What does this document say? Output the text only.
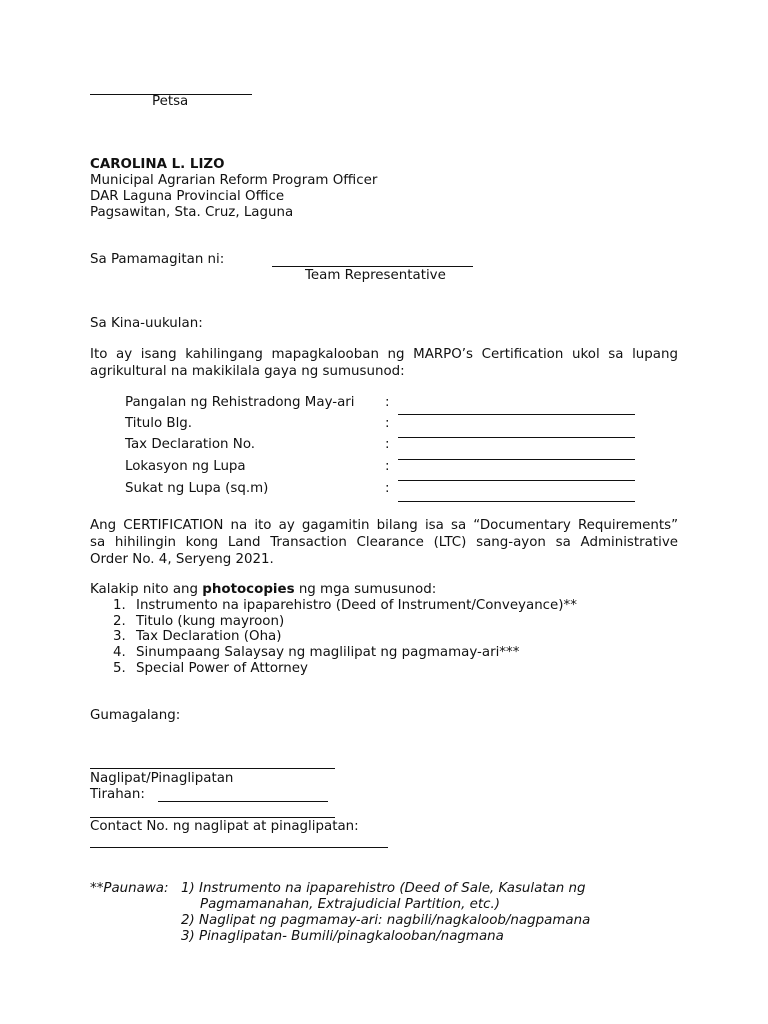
Petsa
CAROLINA L. LIZO
Municipal Agrarian Reform Program Officer
DAR Laguna Provincial Office
Pagsawitan, Sta. Cruz, Laguna
Sa Pamamagitan ni:
Team Representative
Sa Kina-uukulan:
Ito ay isang kahilingang mapagkalooban ng MARPO’s Certification ukol sa lupang
agrikultural na makikilala gaya ng sumusunod:
Pangalan ng Rehistradong May-ari :
Titulo Blg.	:
Tax Declaration No.	:
Lokasyon ng Lupa	:
Sukat ng Lupa (sq.m)	:
Ang CERTIFICATION na ito ay gagamitin bilang isa sa “Documentary Requirements”
sa hihilingin kong Land Transaction Clearance (LTC) sang-ayon sa Administrative
Order No. 4, Seryeng 2021.
Kalakip nito ang photocopies ng mga sumusunod:
1. Instrumento na ipaparehistro (Deed of Instrument/Conveyance)**
2. Titulo (kung mayroon)
3. Tax Declaration (Oha)
4. Sinumpaang Salaysay ng maglilipat ng pagmamay-ari***
5. Special Power of Attorney
Gumagalang:
Naglipat/Pinaglipatan
Tirahan:
Contact No. ng naglipat at pinaglipatan:
**Paunawa: 1) Instrumento na ipaparehistro (Deed of Sale, Kasulatan ng
Pagmamanahan, Extrajudicial Partition, etc.)
2) Naglipat ng pagmamay-ari: nagbili/nagkaloob/nagpamana
3) Pinaglipatan- Bumili/pinagkalooban/nagmana
